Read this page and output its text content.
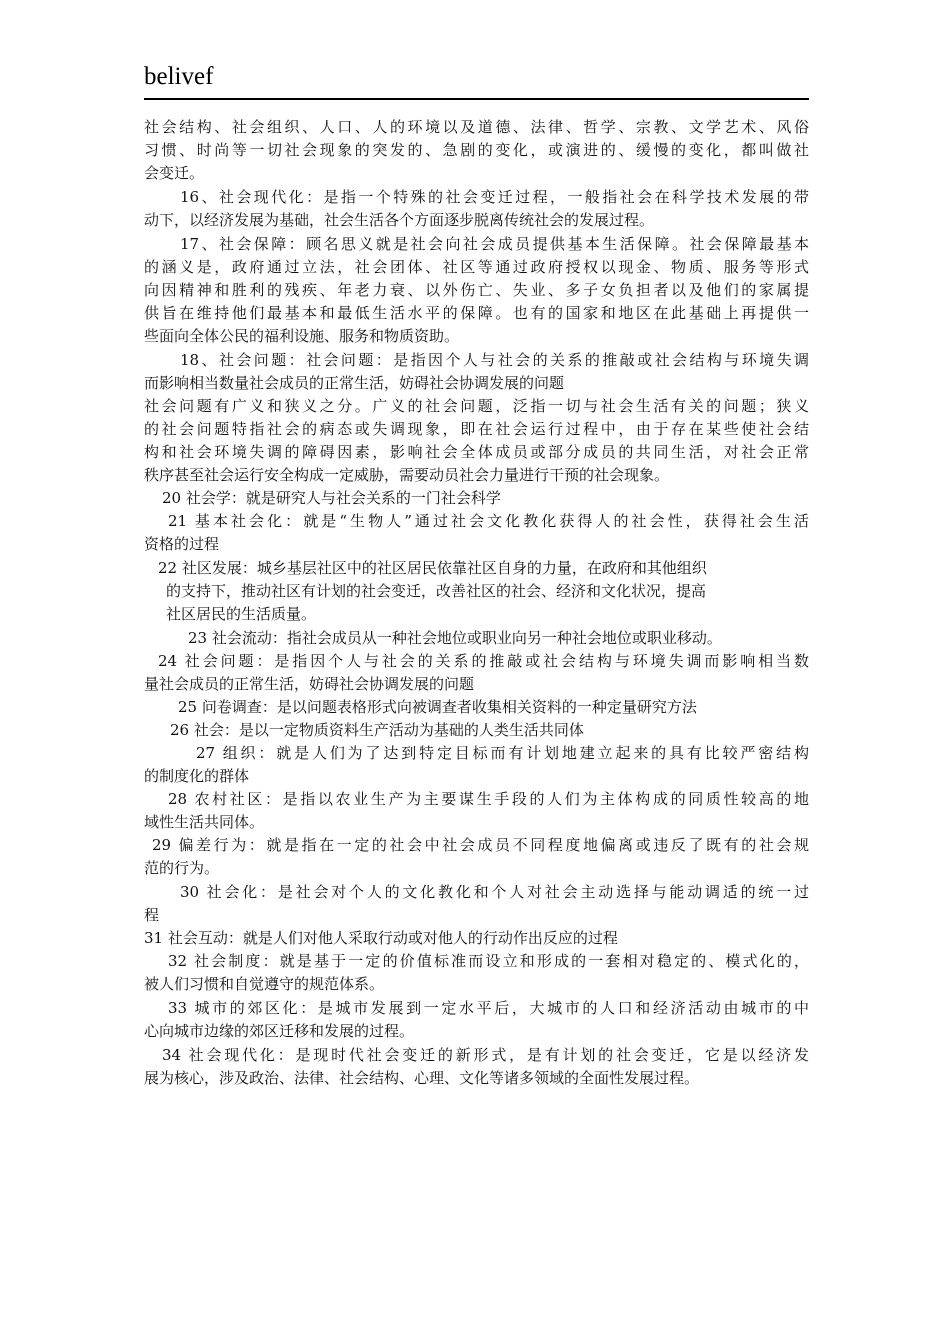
belivef
社会结构、社会组织、人口、人的环境以及道德、法律、哲学、宗教、文学艺术、风俗
习惯、时尚等一切社会现象的突发的、急剧的变化，或演进的、缓慢的变化，都叫做社
会变迁。
16、社会现代化：是指一个特殊的社会变迁过程，一般指社会在科学技术发展的带
动下，以经济发展为基础，社会生活各个方面逐步脱离传统社会的发展过程。
17、社会保障：顾名思义就是社会向社会成员提供基本生活保障。社会保障最基本
的涵义是，政府通过立法，社会团体、社区等通过政府授权以现金、物质、服务等形式
向因精神和胜利的残疾、年老力衰、以外伤亡、失业、多子女负担者以及他们的家属提
供旨在维持他们最基本和最低生活水平的保障。也有的国家和地区在此基础上再提供一
些面向全体公民的福利设施、服务和物质资助。
18、社会问题：社会问题：是指因个人与社会的关系的推敲或社会结构与环境失调
而影响相当数量社会成员的正常生活，妨碍社会协调发展的问题
社会问题有广义和狭义之分。广义的社会问题，泛指一切与社会生活有关的问题；狭义
的社会问题特指社会的病态或失调现象，即在社会运行过程中，由于存在某些使社会结
构和社会环境失调的障碍因素，影响社会全体成员或部分成员的共同生活，对社会正常
秩序甚至社会运行安全构成一定威胁，需要动员社会力量进行干预的社会现象。
20 社会学：就是研究人与社会关系的一门社会科学
21 基本社会化：就是“生物人”通过社会文化教化获得人的社会性，获得社会生活
资格的过程
22 社区发展：城乡基层社区中的社区居民依靠社区自身的力量，在政府和其他组织
的支持下，推动社区有计划的社会变迁，改善社区的社会、经济和文化状况，提高
社区居民的生活质量。
23 社会流动：指社会成员从一种社会地位或职业向另一种社会地位或职业移动。
24 社会问题：是指因个人与社会的关系的推敲或社会结构与环境失调而影响相当数
量社会成员的正常生活，妨碍社会协调发展的问题
25 问卷调查：是以问题表格形式向被调查者收集相关资料的一种定量研究方法
26 社会：是以一定物质资料生产活动为基础的人类生活共同体
27 组织：就是人们为了达到特定目标而有计划地建立起来的具有比较严密结构
的制度化的群体
28 农村社区：是指以农业生产为主要谋生手段的人们为主体构成的同质性较高的地
域性生活共同体。
29 偏差行为：就是指在一定的社会中社会成员不同程度地偏离或违反了既有的社会规
范的行为。
30 社会化：是社会对个人的文化教化和个人对社会主动选择与能动调适的统一过
程
31 社会互动：就是人们对他人采取行动或对他人的行动作出反应的过程
32 社会制度：就是基于一定的价值标准而设立和形成的一套相对稳定的、模式化的，
被人们习惯和自觉遵守的规范体系。
33 城市的郊区化：是城市发展到一定水平后，大城市的人口和经济活动由城市的中
心向城市边缘的郊区迁移和发展的过程。
34 社会现代化：是现时代社会变迁的新形式，是有计划的社会变迁，它是以经济发
展为核心，涉及政治、法律、社会结构、心理、文化等诸多领域的全面性发展过程。
